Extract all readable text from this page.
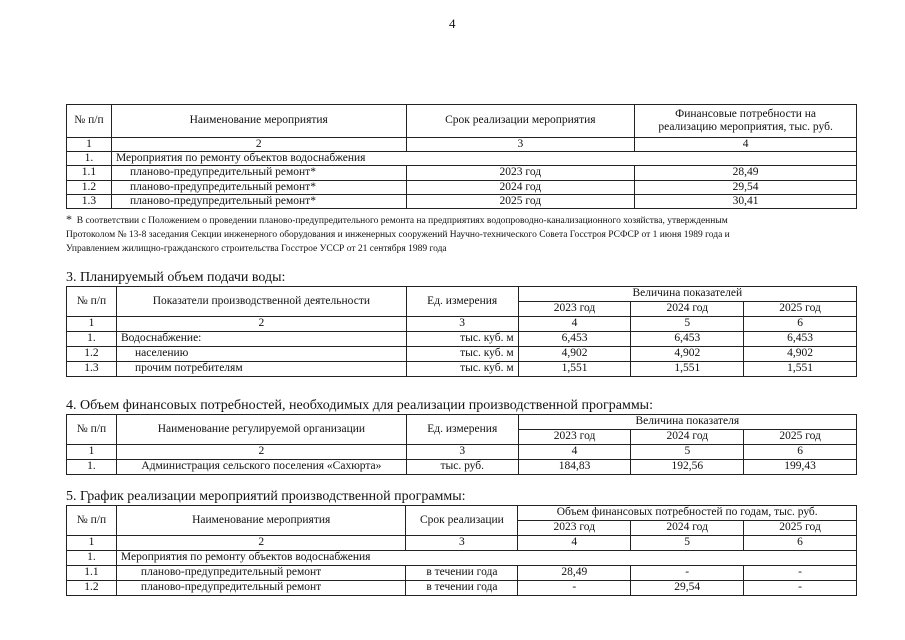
4
№ п/п	Наименование мероприятия	Срок реализации мероприятия	Финансовые потребности на
реализацию мероприятия, тыс. руб.

1	2	3	4
1.	Мероприятия по ремонту объектов водоснабжения		
1.1	планово-предупредительный ремонт*	2023 год	28,49
1.2	планово-предупредительный ремонт*	2024 год	29,54
1.3	планово-предупредительный ремонт*	2025 год	30,41
* В соответствии с Положением о проведении планово-предупредительного ремонта на предприятиях водопроводно-канализационного хозяйства, утвержденным
Протоколом № 13-8 заседания Секции инженерного оборудования и инженерных сооружений Научно-технического Совета Госстроя РСФСР от 1 июня 1989 года и
Управлением жилищно-гражданского строительства Госстрое УССР от 21 сентября 1989 года
3. Планируемый объем подачи воды:
№ п/п	Показатели производственной деятельности	Ед. измерения	Величина показателей		
			2023 год	2024 год	2025 год
1	2	3	4	5	6
1.	Водоснабжение:	тыс. куб. м	6,453	6,453	6,453
1.2	населению	тыс. куб. м	4,902	4,902	4,902
1.3	прочим потребителям	тыс. куб. м	1,551	1,551	1,551
4. Объем финансовых потребностей, необходимых для реализации производственной программы:
№ п/п	Наименование регулируемой организации	Ед. измерения	Величина показателя		
			2023 год	2024 год	2025 год
1	2	3	4	5	6
1.	Администрация сельского поселения «Сахюрта»	тыс. руб.	184,83	192,56	199,43
5. График реализации мероприятий производственной программы:
№ п/п	Наименование мероприятия	Срок реализации	Объем финансовых потребностей по годам, тыс. руб.		
			2023 год	2024 год	2025 год
1	2	3	4	5	6
1.	Мероприятия по ремонту объектов водоснабжения				
1.1	планово-предупредительный ремонт	в течении года	28,49	-	-
1.2	планово-предупредительный ремонт	в течении года	-	29,54	-
